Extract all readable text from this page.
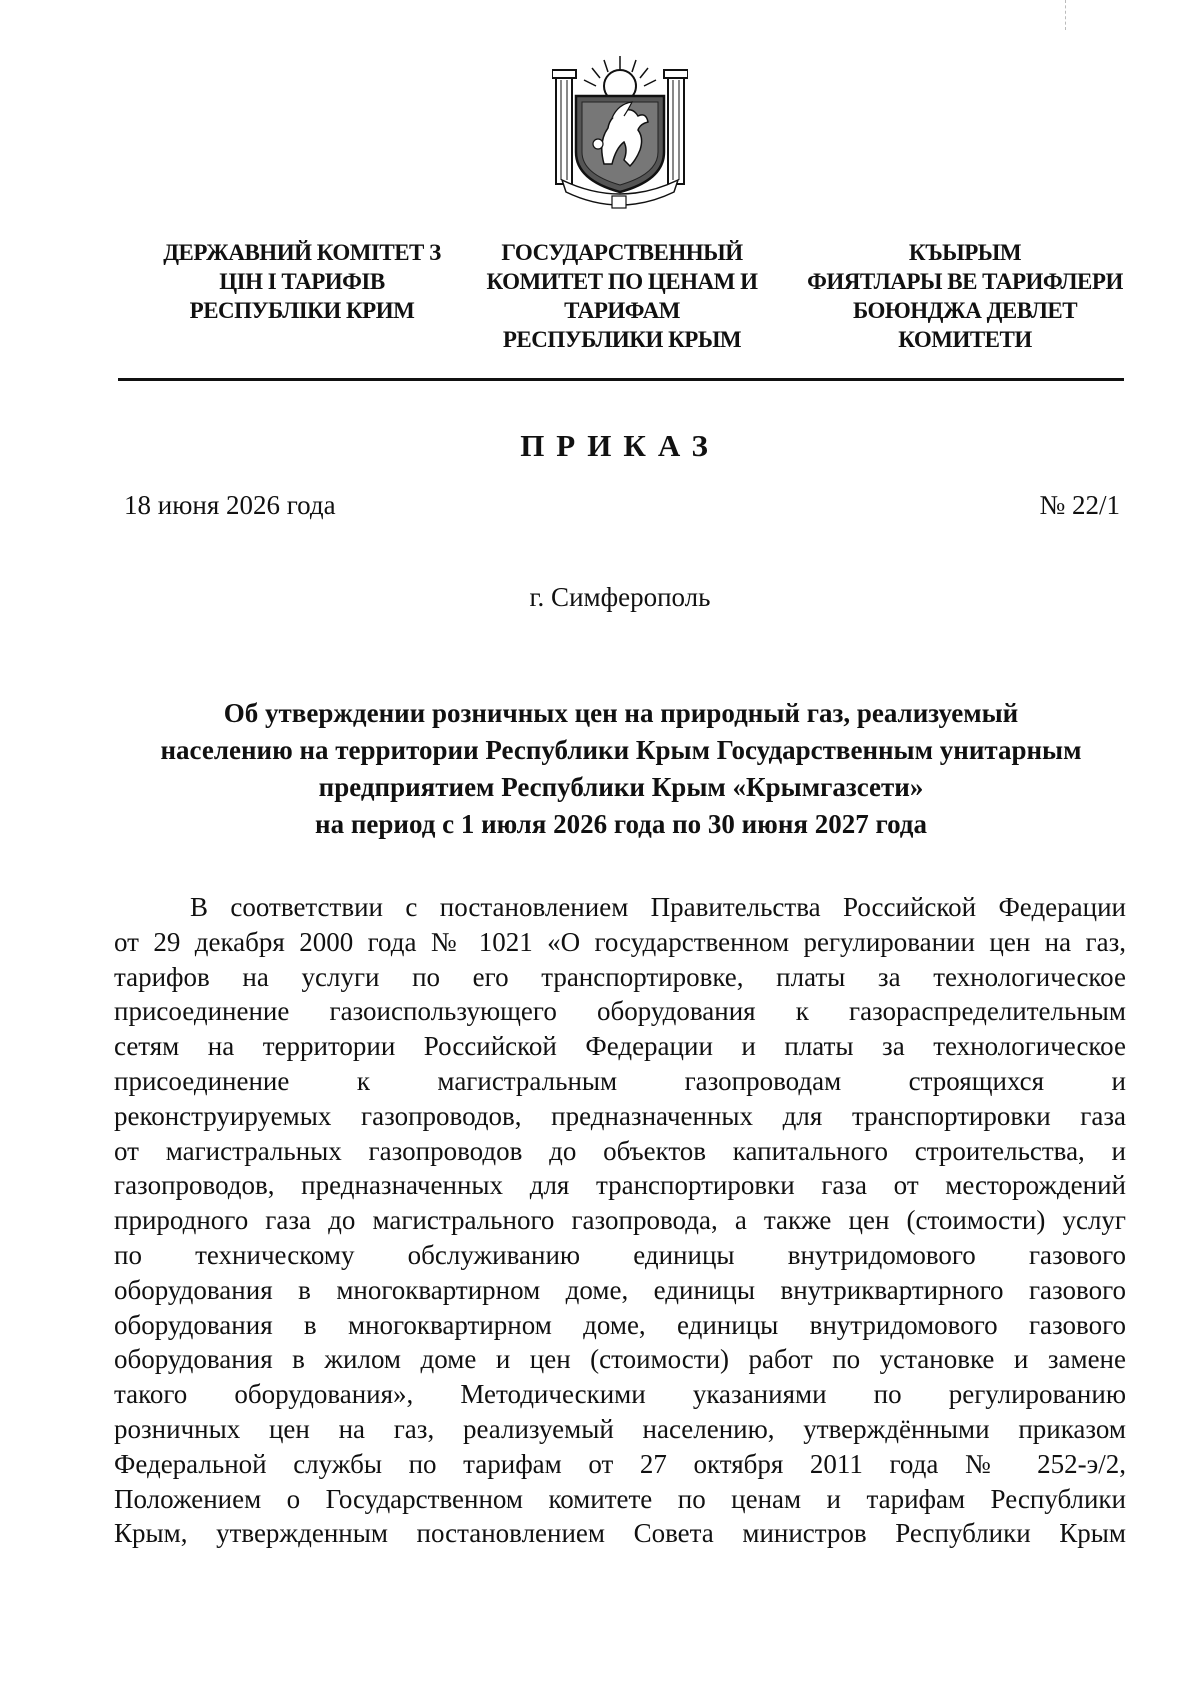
ДЕРЖАВНИЙ КОМІТЕТ З
ЦІН І ТАРИФІВ
РЕСПУБЛІКИ КРИМ
ГОСУДАРСТВЕННЫЙ
КОМИТЕТ ПО ЦЕНАМ И
ТАРИФАМ
РЕСПУБЛИКИ КРЫМ
КЪЫРЫМ
ФИЯТЛАРЫ ВЕ ТАРИФЛЕРИ
БОЮНДЖА ДЕВЛЕТ
КОМИТЕТИ
ПРИКАЗ
18 июня 2026 года	№ 22/1
г. Симферополь
Об утверждении розничных цен на природный газ, реализуемый
населению на территории Республики Крым Государственным унитарным
предприятием Республики Крым «Крымгазсети»
на период с 1 июля 2026 года по 30 июня 2027 года
В соответствии с постановлением Правительства Российской Федерации
от 29 декабря 2000 года № 1021 «О государственном регулировании цен на газ,
тарифов на услуги по его транспортировке, платы за технологическое
присоединение газоиспользующего оборудования к газораспределительным
сетям на территории Российской Федерации и платы за технологическое
присоединение к магистральным газопроводам строящихся и
реконструируемых газопроводов, предназначенных для транспортировки газа
от магистральных газопроводов до объектов капитального строительства, и
газопроводов, предназначенных для транспортировки газа от месторождений
природного газа до магистрального газопровода, а также цен (стоимости) услуг
по техническому обслуживанию единицы внутридомового газового
оборудования в многоквартирном доме, единицы внутриквартирного газового
оборудования в многоквартирном доме, единицы внутридомового газового
оборудования в жилом доме и цен (стоимости) работ по установке и замене
такого оборудования», Методическими указаниями по регулированию
розничных цен на газ, реализуемый населению, утверждёнными приказом
Федеральной службы по тарифам от 27 октября 2011 года № 252-э/2,
Положением о Государственном комитете по ценам и тарифам Республики
Крым, утвержденным постановлением Совета министров Республики Крым
